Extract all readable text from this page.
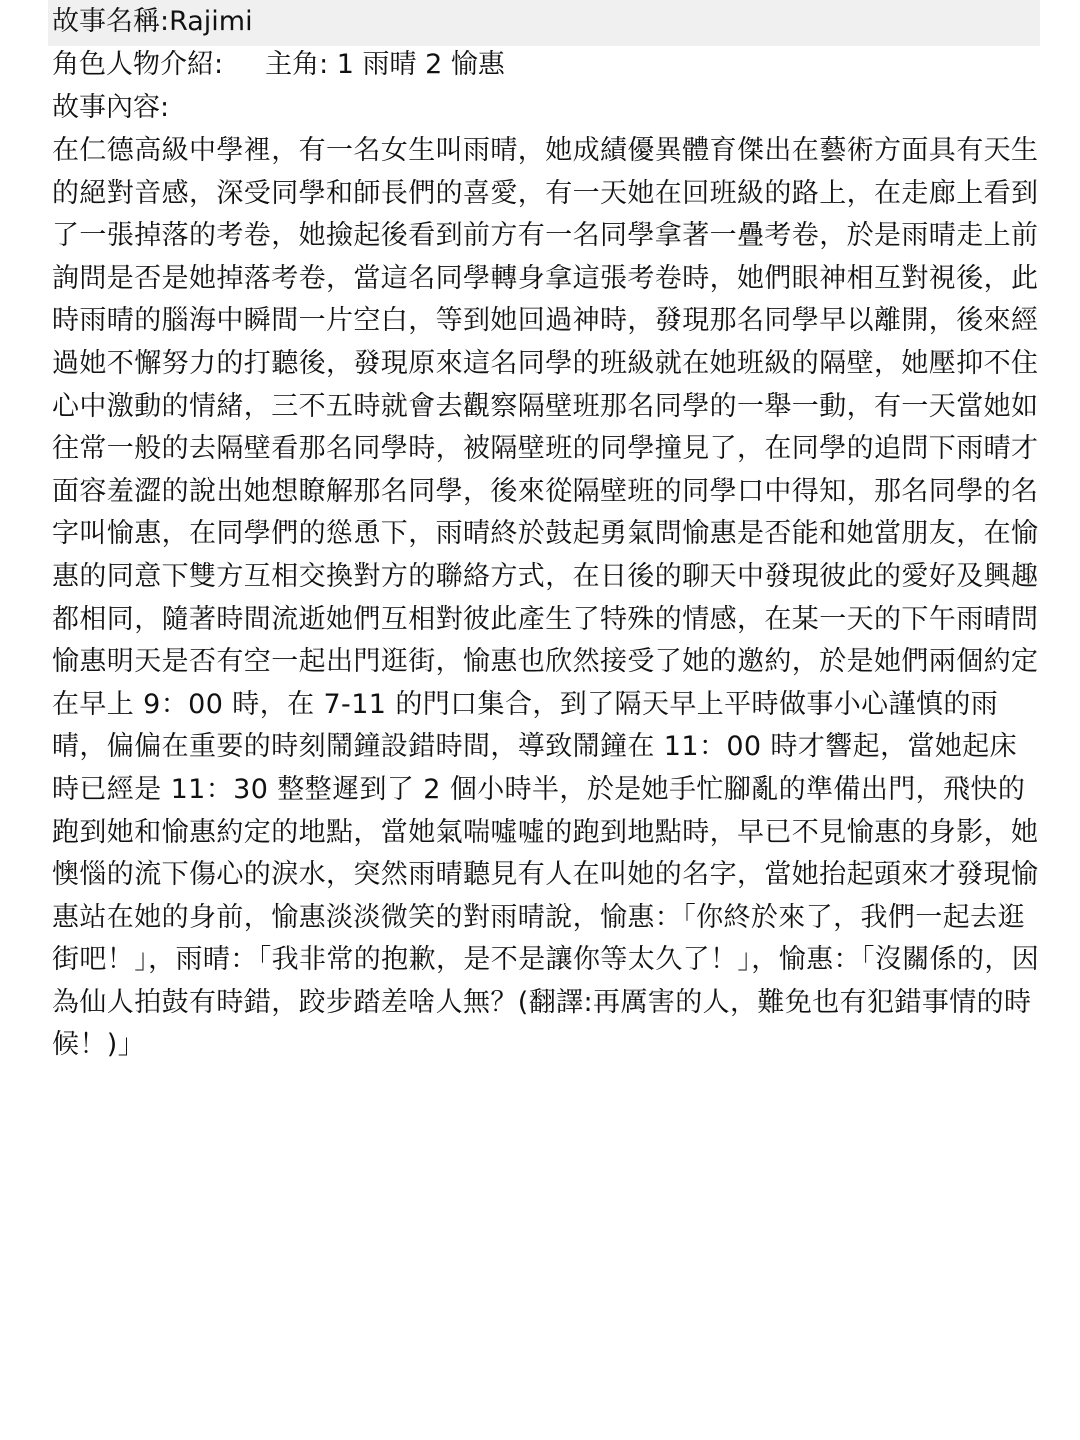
故事名稱:Rajimi
角色人物介紹: 主角: 1 雨晴 2 愉惠
故事內容:

在仁德高級中學裡，有一名女生叫雨晴，她成績優異體育傑出在藝術方面具有天生的絕對音感，深受同學和師長們的喜愛，有一天她在回班級的路上，在走廊上看到了一張掉落的考卷，她撿起後看到前方有一名同學拿著一疊考卷，於是雨晴走上前詢問是否是她掉落考卷，當這名同學轉身拿這張考卷時，她們眼神相互對視後，此時雨晴的腦海中瞬間一片空白，等到她回過神時，發現那名同學早以離開，後來經過她不懈努力的打聽後，發現原來這名同學的班級就在她班級的隔壁，她壓抑不住心中激動的情緒，三不五時就會去觀察隔壁班那名同學的一舉一動，有一天當她如往常一般的去隔壁看那名同學時，被隔壁班的同學撞見了，在同學的追問下雨晴才面容羞澀的說出她想瞭解那名同學，後來從隔壁班的同學口中得知，那名同學的名字叫愉惠，在同學們的慫恿下，雨晴終於鼓起勇氣問愉惠是否能和她當朋友，在愉惠的同意下雙方互相交換對方的聯絡方式，在日後的聊天中發現彼此的愛好及興趣都相同，隨著時間流逝她們互相對彼此產生了特殊的情感，在某一天的下午雨晴問愉惠明天是否有空一起出門逛街，愉惠也欣然接受了她的邀約，於是她們兩個約定在早上 9：00 時，在 7-11 的門口集合，到了隔天早上平時做事小心謹慎的雨晴，偏偏在重要的時刻鬧鐘設錯時間，導致鬧鐘在 11：00 時才響起，當她起床時已經是 11：30 整整遲到了 2 個小時半，於是她手忙腳亂的準備出門，飛快的跑到她和愉惠約定的地點，當她氣喘噓噓的跑到地點時，早已不見愉惠的身影，她懊惱的流下傷心的淚水，突然雨晴聽見有人在叫她的名字，當她抬起頭來才發現愉惠站在她的身前，愉惠淡淡微笑的對雨晴說，愉惠：「你終於來了，我們一起去逛街吧！」，雨晴：「我非常的抱歉，是不是讓你等太久了！」，愉惠：「沒關係的，因為仙人拍鼓有時錯，跤步踏差啥人無？(翻譯:再厲害的人，難免也有犯錯事情的時候！)」
